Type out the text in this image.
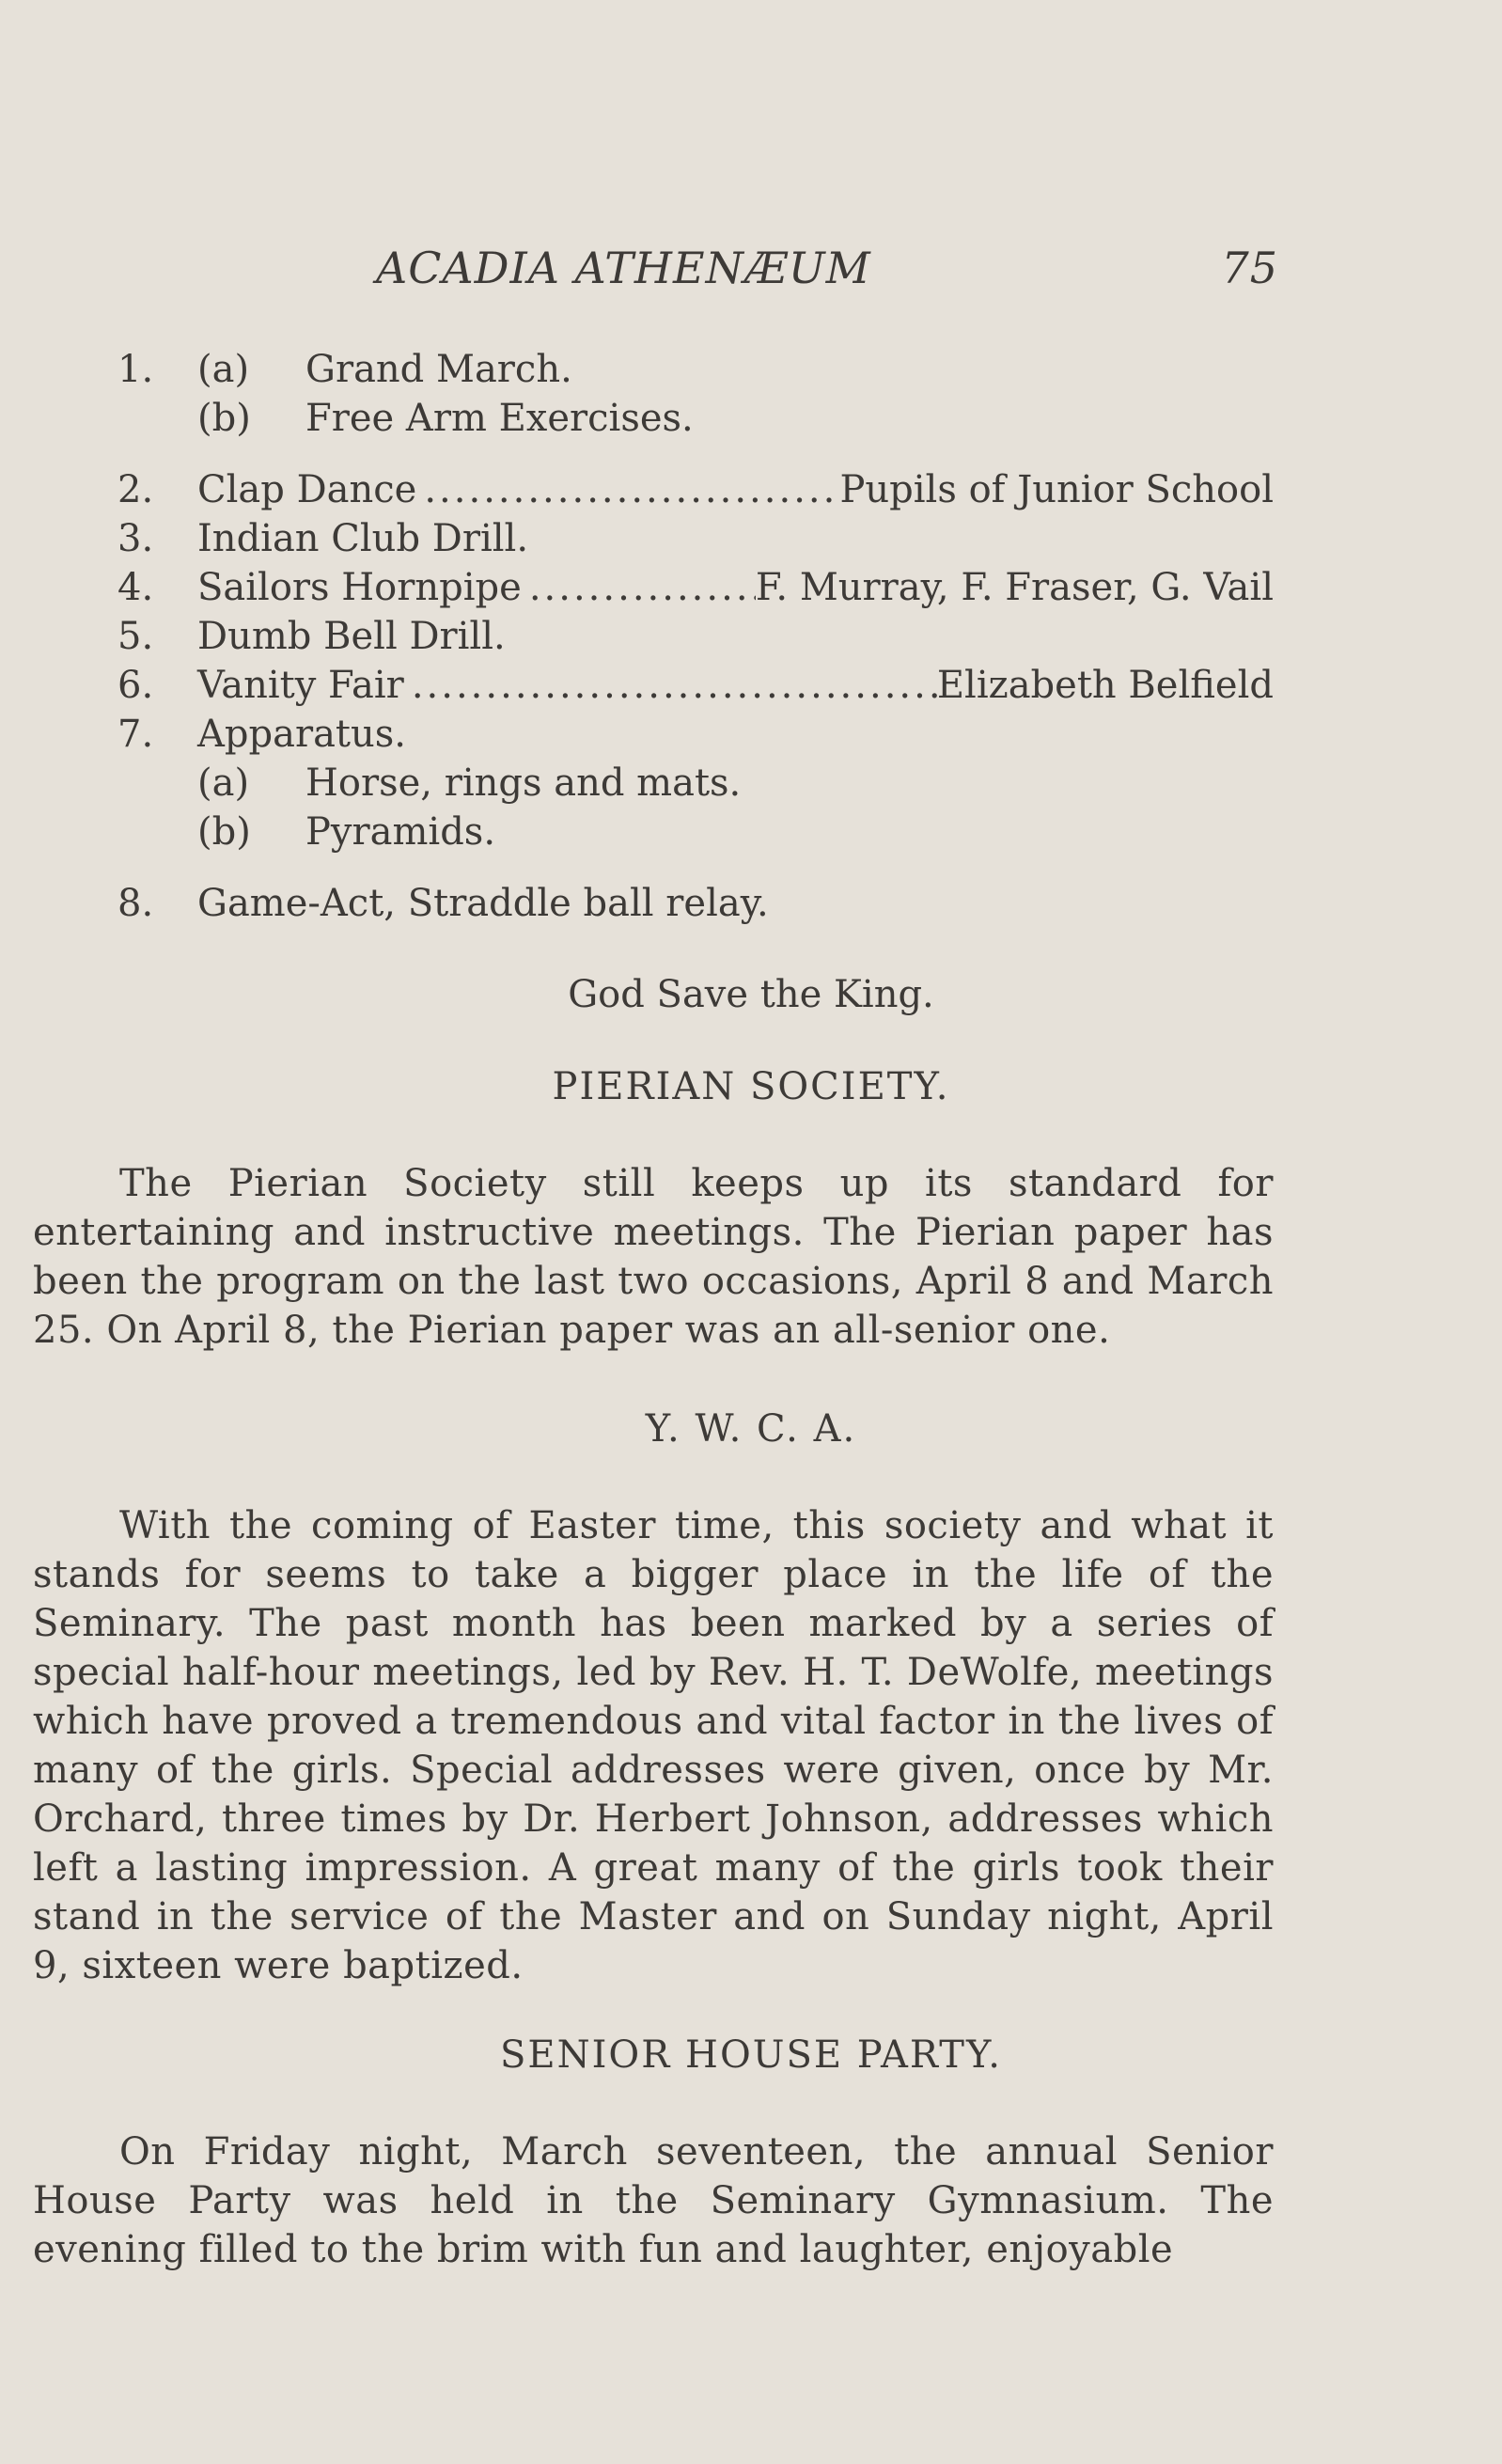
ACADIA ATHENÆUM	75
1.	(a) Grand March.
(b) Free Arm Exercises.
2.	Clap Dance .....	Pupils of Junior School
3.	Indian Club Drill.
4.	Sailors Hornpipe .....	F. Murray, F. Fraser, G. Vail
5.	Dumb Bell Drill.
6.	Vanity Fair .....	Elizabeth Belfield
7.	Apparatus.
(a) Horse, rings and mats.
(b) Pyramids.
8.	Game-Act, Straddle ball relay.
God Save the King.
PIERIAN SOCIETY.

The Pierian Society still keeps up its standard for entertaining and instructive meetings. The Pierian paper has been the program on the last two occasions, April 8 and March 25. On April 8, the Pierian paper was an all-senior one.

Y. W. C. A.

With the coming of Easter time, this society and what it stands for seems to take a bigger place in the life of the Seminary. The past month has been marked by a series of special half-hour meetings, led by Rev. H. T. DeWolfe, meetings which have proved a tremendous and vital factor in the lives of many of the girls. Special addresses were given, once by Mr. Orchard, three times by Dr. Herbert Johnson, addresses which left a lasting impression. A great many of the girls took their stand in the service of the Master and on Sunday night, April 9, sixteen were baptized.

SENIOR HOUSE PARTY.

On Friday night, March seventeen, the annual Senior House Party was held in the Seminary Gymnasium. The evening filled to the brim with fun and laughter, enjoyable
